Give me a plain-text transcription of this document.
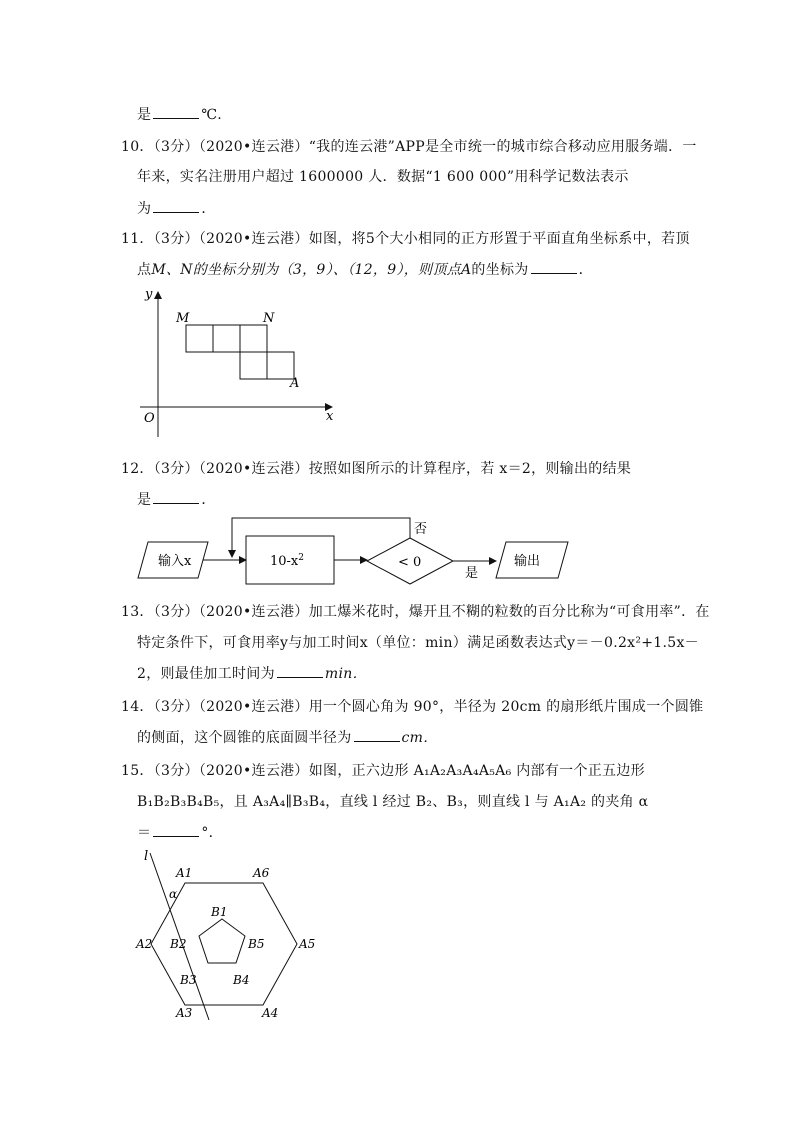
是	℃.
10．（3分）（2020•连云港）“我的连云港”APP是全市统一的城市综合移动应用服务端．一
年来，实名注册用户超过 1600000 人．数据“1 600 000”用科学记数法表示
为	．
11．（3分）（2020•连云港）如图，将5个大小相同的正方形置于平面直角坐标系中，若顶
点M、N的坐标分别为（3，9）、（12，9），则顶点A的坐标为	．
y
x
O
M	N
A
12．（3分）（2020•连云港）按照如图所示的计算程序，若 x＝2，则输出的结果
是	．
输入x	$10-x^2$	< 0
否
是
输出
13．（3分）（2020•连云港）加工爆米花时，爆开且不糊的粒数的百分比称为“可食用率”．在
特定条件下，可食用率y与加工时间x（单位：min）满足函数表达式y＝－0.2x²+1.5x－
2，则最佳加工时间为	min．
14．（3分）（2020•连云港）用一个圆心角为 90°，半径为 20cm 的扇形纸片围成一个圆锥
的侧面，这个圆锥的底面圆半径为	cm．
15．（3分）（2020•连云港）如图，正六边形 A₁A₂A₃A₄A₅A₆ 内部有一个正五边形
B₁B₂B₃B₄B₅，且 A₃A₄∥B₃B₄，直线 l 经过 B₂、B₃，则直线 l 与 A₁A₂ 的夹角 α
＝	°．
l
α
A1
A2
A3	A4
A5
A6
B1
B2
B3	B4
B5
